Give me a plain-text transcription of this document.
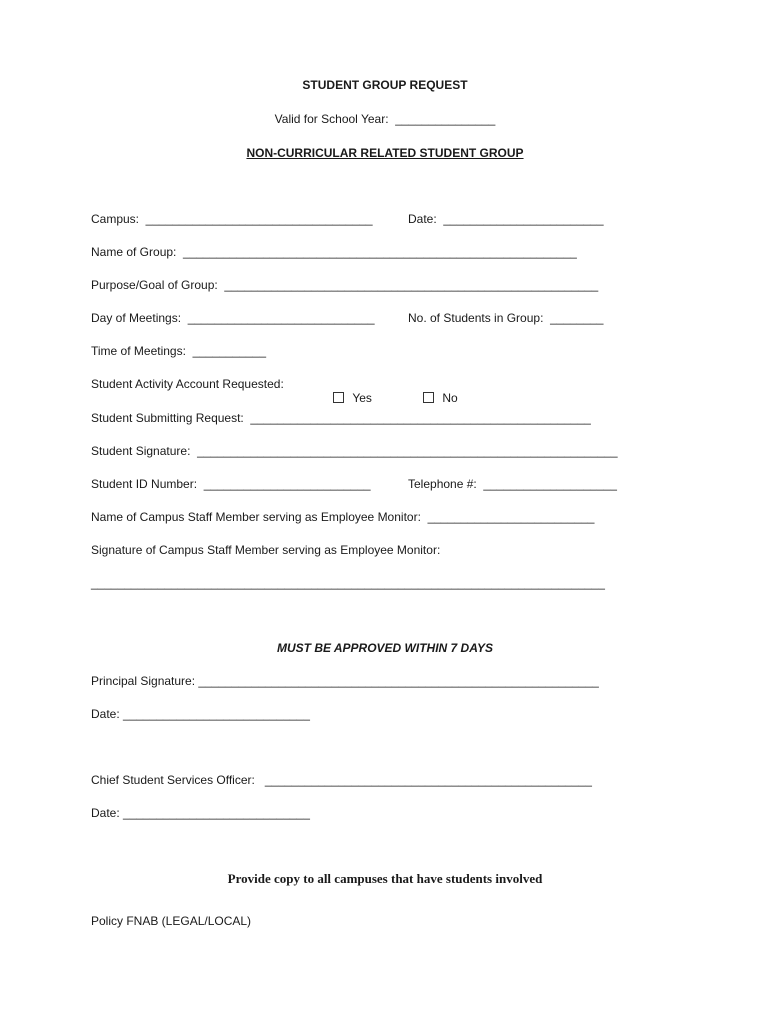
STUDENT GROUP REQUEST
Valid for School Year:  _______________
NON-CURRICULAR RELATED STUDENT GROUP
Campus:  __________________________________	Date:  ________________________
Name of Group:  ___________________________________________________________
Purpose/Goal of Group:  ________________________________________________________
Day of Meetings:  ____________________________	No. of Students in Group:  ________
Time of Meetings:  ___________
Student Activity Account Requested:

Yes
	No

Student Submitting Request:  ___________________________________________________
Student Signature:  _______________________________________________________________
Student ID Number:  _________________________	Telephone #:  ____________________
Name of Campus Staff Member serving as Employee Monitor:  _________________________
Signature of Campus Staff Member serving as Employee Monitor:
_____________________________________________________________________________
MUST BE APPROVED WITHIN 7 DAYS
Principal Signature: ____________________________________________________________
Date: ____________________________
Chief Student Services Officer:   _________________________________________________
Date: ____________________________
Provide copy to all campuses that have students involved
Policy FNAB (LEGAL/LOCAL)
